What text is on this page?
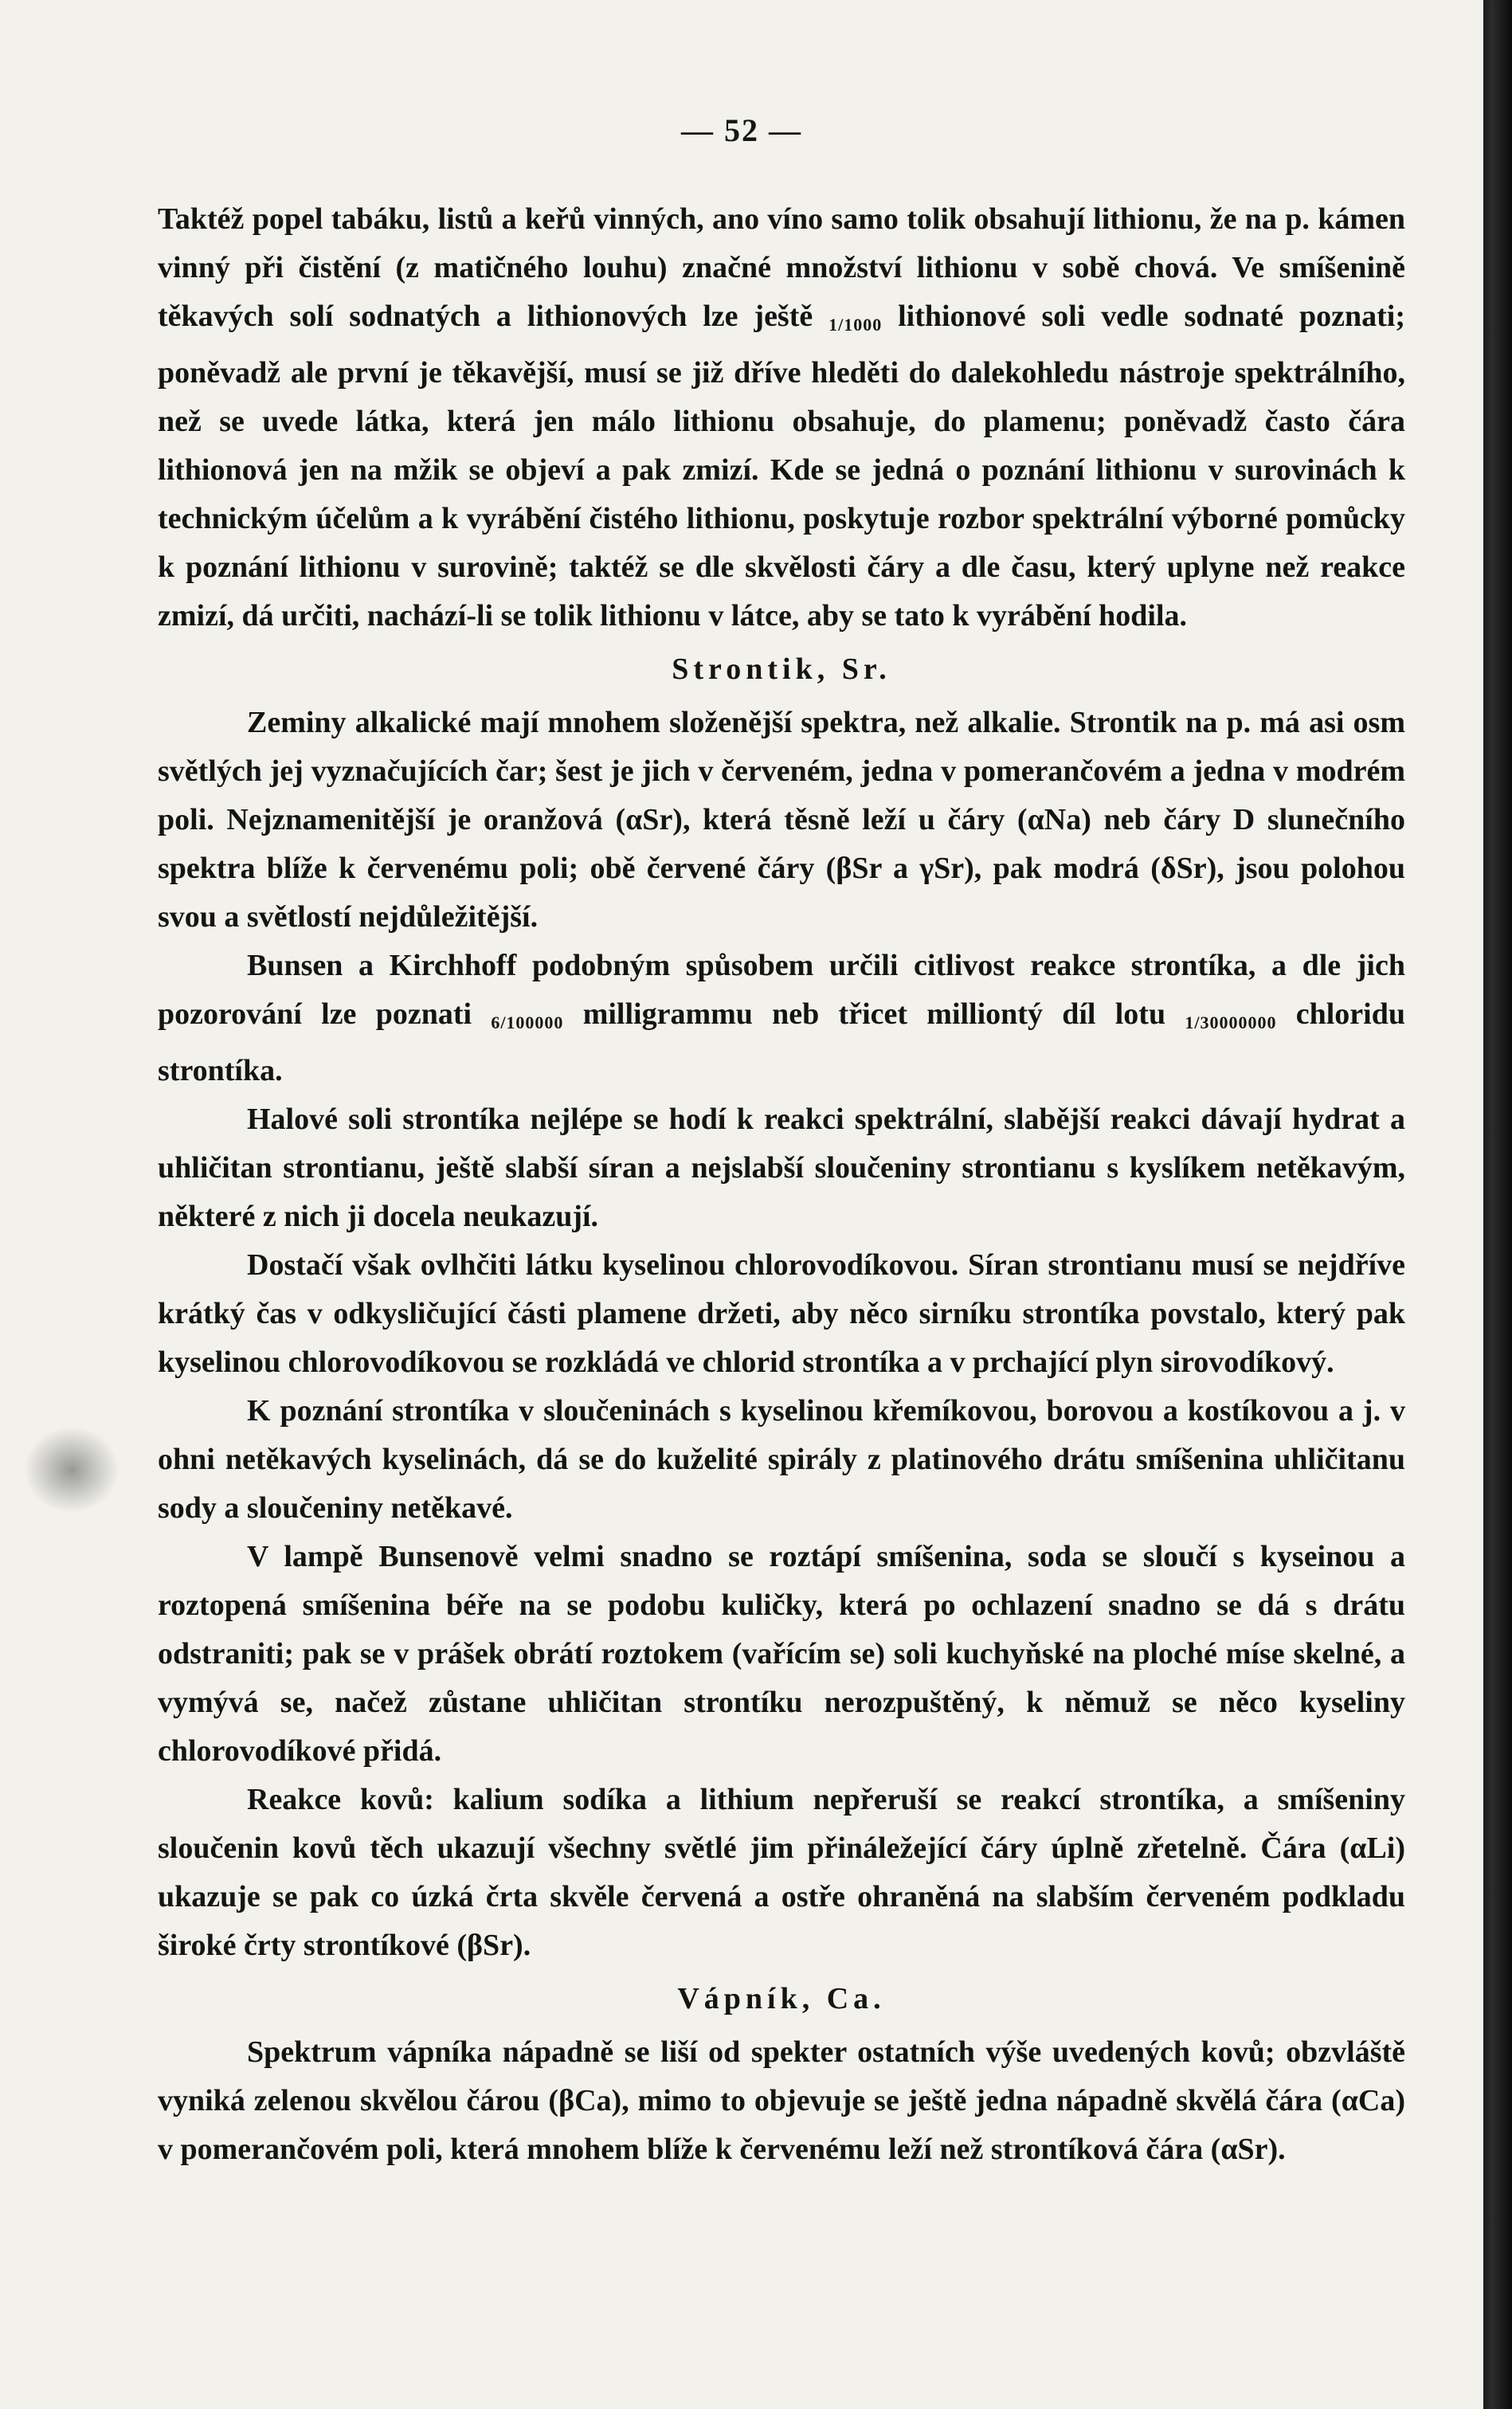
— 52 —

Taktéž popel tabáku, listů a keřů vinných, ano víno samo tolik obsahují lithionu, že na p. kámen vinný při čistění (z matičného louhu) značné množství lithionu v sobě chová. Ve smíšenině těkavých solí sodnatých a lithionových lze ještě 1/1000 lithionové soli vedle sodnaté poznati; poněvadž ale první je těkavější, musí se již dříve hleděti do dalekohledu nástroje spektrálního, než se uvede látka, která jen málo lithionu obsahuje, do plamenu; poněvadž často čára lithionová jen na mžik se objeví a pak zmizí. Kde se jedná o poznání lithionu v surovinách k technickým účelům a k vyrábění čistého lithionu, poskytuje rozbor spektrální výborné pomůcky k poznání lithionu v surovině; taktéž se dle skvělosti čáry a dle času, který uplyne než reakce zmizí, dá určiti, nachází-li se tolik lithionu v látce, aby se tato k vyrábění hodila.

Strontik, Sr.

Zeminy alkalické mají mnohem složenější spektra, než alkalie. Strontik na p. má asi osm světlých jej vyznačujících čar; šest je jich v červeném, jedna v pomerančovém a jedna v modrém poli. Nejznamenitější je oranžová (αSr), která těsně leží u čáry (αNa) neb čáry D slunečního spektra blíže k červenému poli; obě červené čáry (βSr a γSr), pak modrá (δSr), jsou polohou svou a světlostí nejdůležitější.

Bunsen a Kirchhoff podobným spůsobem určili citlivost reakce strontíka, a dle jich pozorování lze poznati 6/100000 milligrammu neb třicet milliontý díl lotu 1/30000000 chloridu strontíka.

Halové soli strontíka nejlépe se hodí k reakci spektrální, slabější reakci dávají hydrat a uhličitan strontianu, ještě slabší síran a nejslabší sloučeniny strontianu s kyslíkem netěkavým, některé z nich ji docela neukazují.

Dostačí však ovlhčiti látku kyselinou chlorovodíkovou. Síran strontianu musí se nejdříve krátký čas v odkysličující části plamene držeti, aby něco sirníku strontíka povstalo, který pak kyselinou chlorovodíkovou se rozkládá ve chlorid strontíka a v prchající plyn sirovodíkový.

K poznání strontíka v sloučeninách s kyselinou křemíkovou, borovou a kostíkovou a j. v ohni netěkavých kyselinách, dá se do kuželité spirály z platinového drátu smíšenina uhličitanu sody a sloučeniny netěkavé.

V lampě Bunsenově velmi snadno se roztápí smíšenina, soda se sloučí s kyseinou a roztopená smíšenina béře na se podobu kuličky, která po ochlazení snadno se dá s drátu odstraniti; pak se v prášek obrátí roztokem (vařícím se) soli kuchyňské na ploché míse skelné, a vymývá se, načež zůstane uhličitan strontíku nerozpuštěný, k němuž se něco kyseliny chlorovodíkové přidá.

Reakce kovů: kalium sodíka a lithium nepřeruší se reakcí strontíka, a smíšeniny sloučenin kovů těch ukazují všechny světlé jim přináležející čáry úplně zřetelně. Čára (αLi) ukazuje se pak co úzká črta skvěle červená a ostře ohraněná na slabším červeném podkladu široké črty strontíkové (βSr).

Vápník, Ca.

Spektrum vápníka nápadně se liší od spekter ostatních výše uvedených kovů; obzvláště vyniká zelenou skvělou čárou (βCa), mimo to objevuje se ještě jedna nápadně skvělá čára (αCa) v pomerančovém poli, která mnohem blíže k červenému leží než strontíková čára (αSr).
